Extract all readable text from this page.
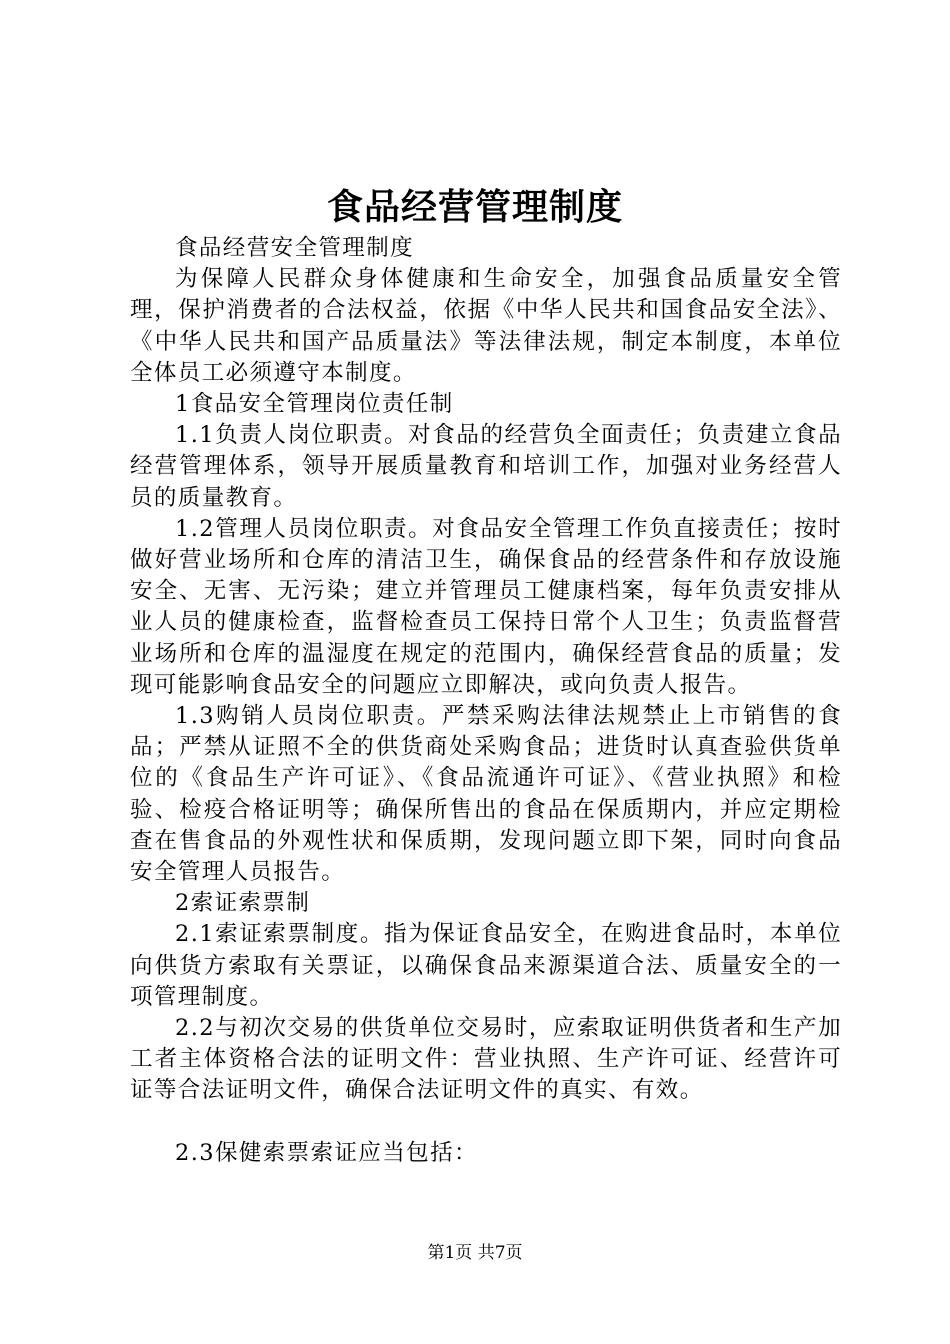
食品经营管理制度

食品经营安全管理制度

为保障人民群众身体健康和生命安全，加强食品质量安全管理，保护消费者的合法权益，依据《中华人民共和国食品安全法》、《中华人民共和国产品质量法》等法律法规，制定本制度，本单位全体员工必须遵守本制度。

1食品安全管理岗位责任制

1.1负责人岗位职责。对食品的经营负全面责任；负责建立食品经营管理体系，领导开展质量教育和培训工作，加强对业务经营人员的质量教育。

1.2管理人员岗位职责。对食品安全管理工作负直接责任；按时做好营业场所和仓库的清洁卫生，确保食品的经营条件和存放设施安全、无害、无污染；建立并管理员工健康档案，每年负责安排从业人员的健康检查，监督检查员工保持日常个人卫生；负责监督营业场所和仓库的温湿度在规定的范围内，确保经营食品的质量；发现可能影响食品安全的问题应立即解决，或向负责人报告。

1.3购销人员岗位职责。严禁采购法律法规禁止上市销售的食品；严禁从证照不全的供货商处采购食品；进货时认真查验供货单位的《食品生产许可证》、《食品流通许可证》、《营业执照》和检验、检疫合格证明等；确保所售出的食品在保质期内，并应定期检查在售食品的外观性状和保质期，发现问题立即下架，同时向食品安全管理人员报告。

2索证索票制

2.1索证索票制度。指为保证食品安全，在购进食品时，本单位向供货方索取有关票证，以确保食品来源渠道合法、质量安全的一项管理制度。

2.2与初次交易的供货单位交易时，应索取证明供货者和生产加工者主体资格合法的证明文件：营业执照、生产许可证、经营许可证等合法证明文件，确保合法证明文件的真实、有效。

2.3保健索票索证应当包括：

第1页 共7页
